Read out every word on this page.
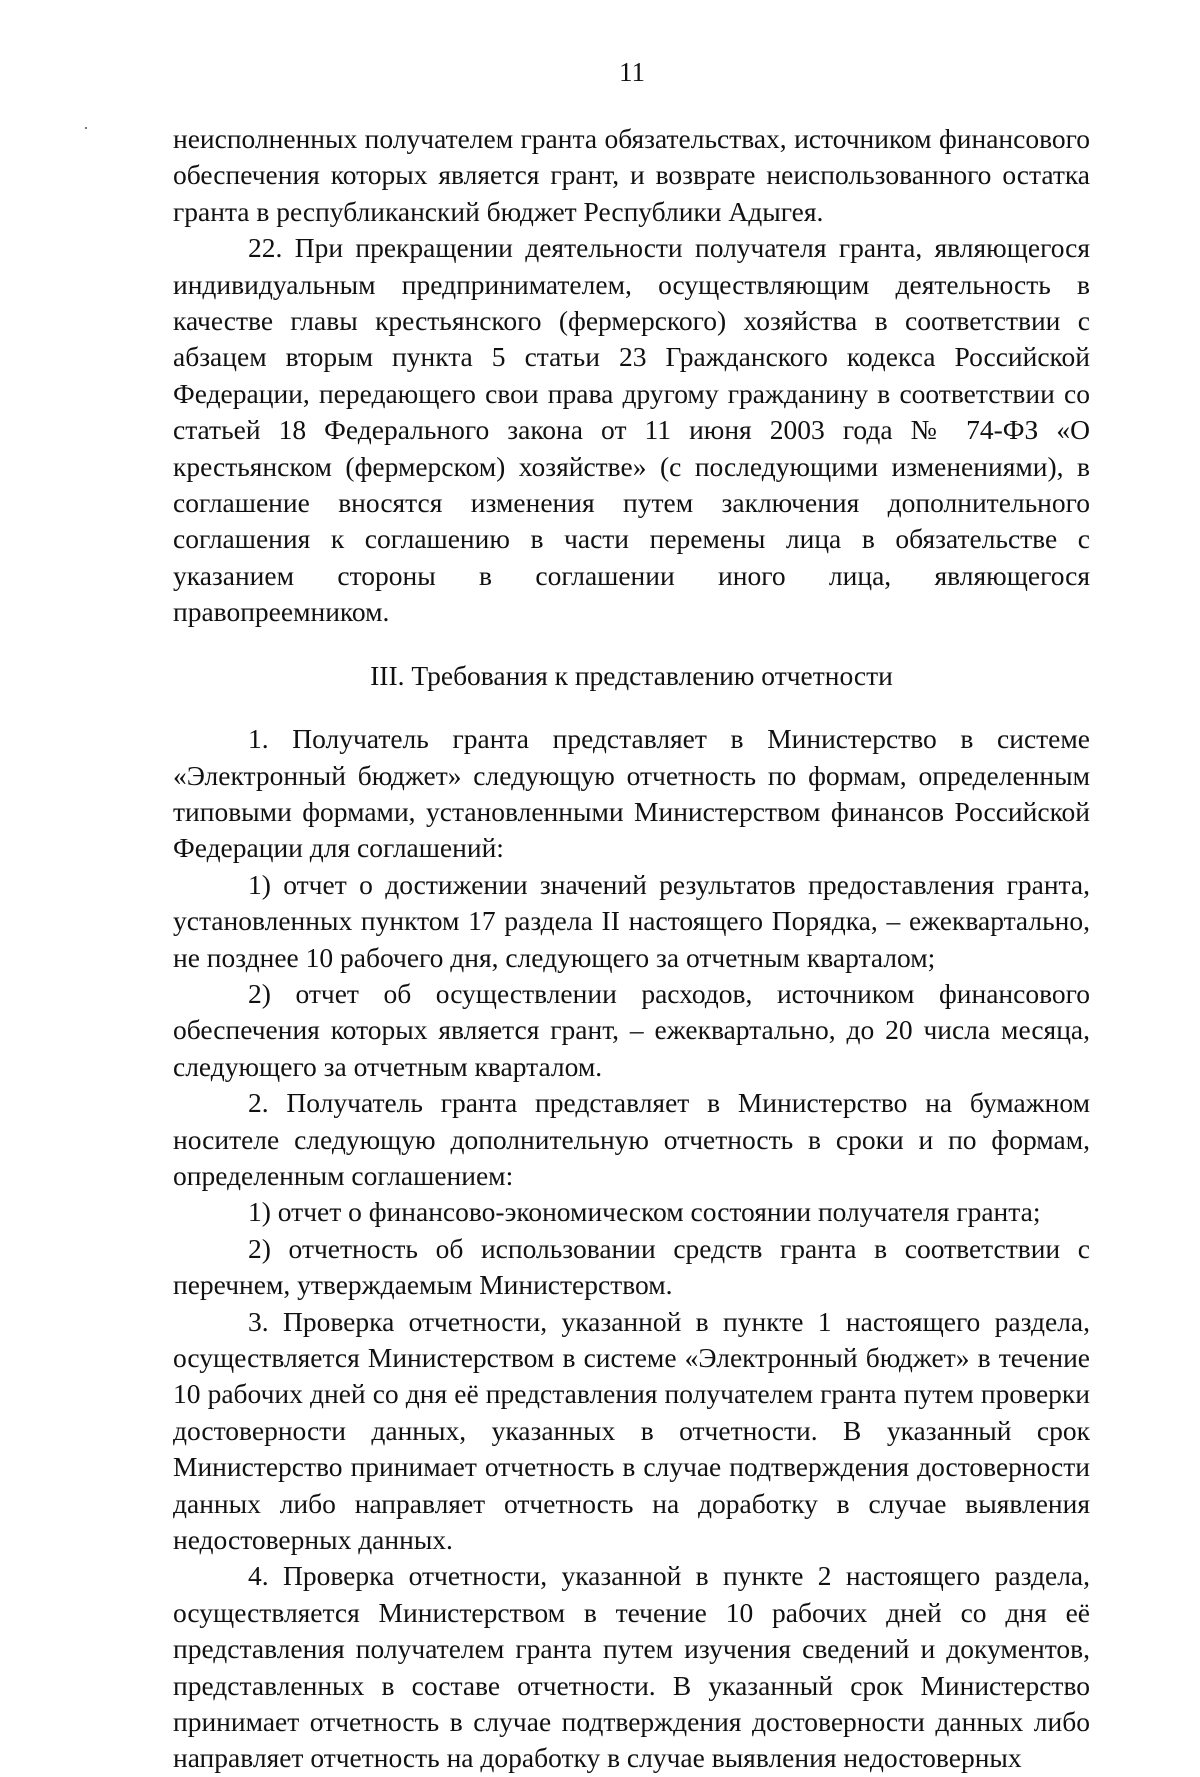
11

неисполненных получателем гранта обязательствах, источником финансового обеспечения которых является грант, и возврате неиспользованного остатка гранта в республиканский бюджет Республики Адыгея.

22. При прекращении деятельности получателя гранта, являющегося индивидуальным предпринимателем, осуществляющим деятельность в качестве главы крестьянского (фермерского) хозяйства в соответствии с абзацем вторым пункта 5 статьи 23 Гражданского кодекса Российской Федерации, передающего свои права другому гражданину в соответствии со статьей 18 Федерального закона от 11 июня 2003 года № 74-ФЗ «О крестьянском (фермерском) хозяйстве» (с последующими изменениями), в соглашение вносятся изменения путем заключения дополнительного соглашения к соглашению в части перемены лица в обязательстве с указанием стороны в соглашении иного лица, являющегося правопреемником.

III. Требования к представлению отчетности

1. Получатель гранта представляет в Министерство в системе «Электронный бюджет» следующую отчетность по формам, определенным типовыми формами, установленными Министерством финансов Российской Федерации для соглашений:

1) отчет о достижении значений результатов предоставления гранта, установленных пунктом 17 раздела II настоящего Порядка, – ежеквартально, не позднее 10 рабочего дня, следующего за отчетным кварталом;

2) отчет об осуществлении расходов, источником финансового обеспечения которых является грант, – ежеквартально, до 20 числа месяца, следующего за отчетным кварталом.

2. Получатель гранта представляет в Министерство на бумажном носителе следующую дополнительную отчетность в сроки и по формам, определенным соглашением:

1) отчет о финансово-экономическом состоянии получателя гранта;

2) отчетность об использовании средств гранта в соответствии с перечнем, утверждаемым Министерством.

3. Проверка отчетности, указанной в пункте 1 настоящего раздела, осуществляется Министерством в системе «Электронный бюджет» в течение 10 рабочих дней со дня её представления получателем гранта путем проверки достоверности данных, указанных в отчетности. В указанный срок Министерство принимает отчетность в случае подтверждения достоверности данных либо направляет отчетность на доработку в случае выявления недостоверных данных.

4. Проверка отчетности, указанной в пункте 2 настоящего раздела, осуществляется Министерством в течение 10 рабочих дней со дня её представления получателем гранта путем изучения сведений и документов, представленных в составе отчетности. В указанный срок Министерство принимает отчетность в случае подтверждения достоверности данных либо направляет отчетность на доработку в случае выявления недостоверных
